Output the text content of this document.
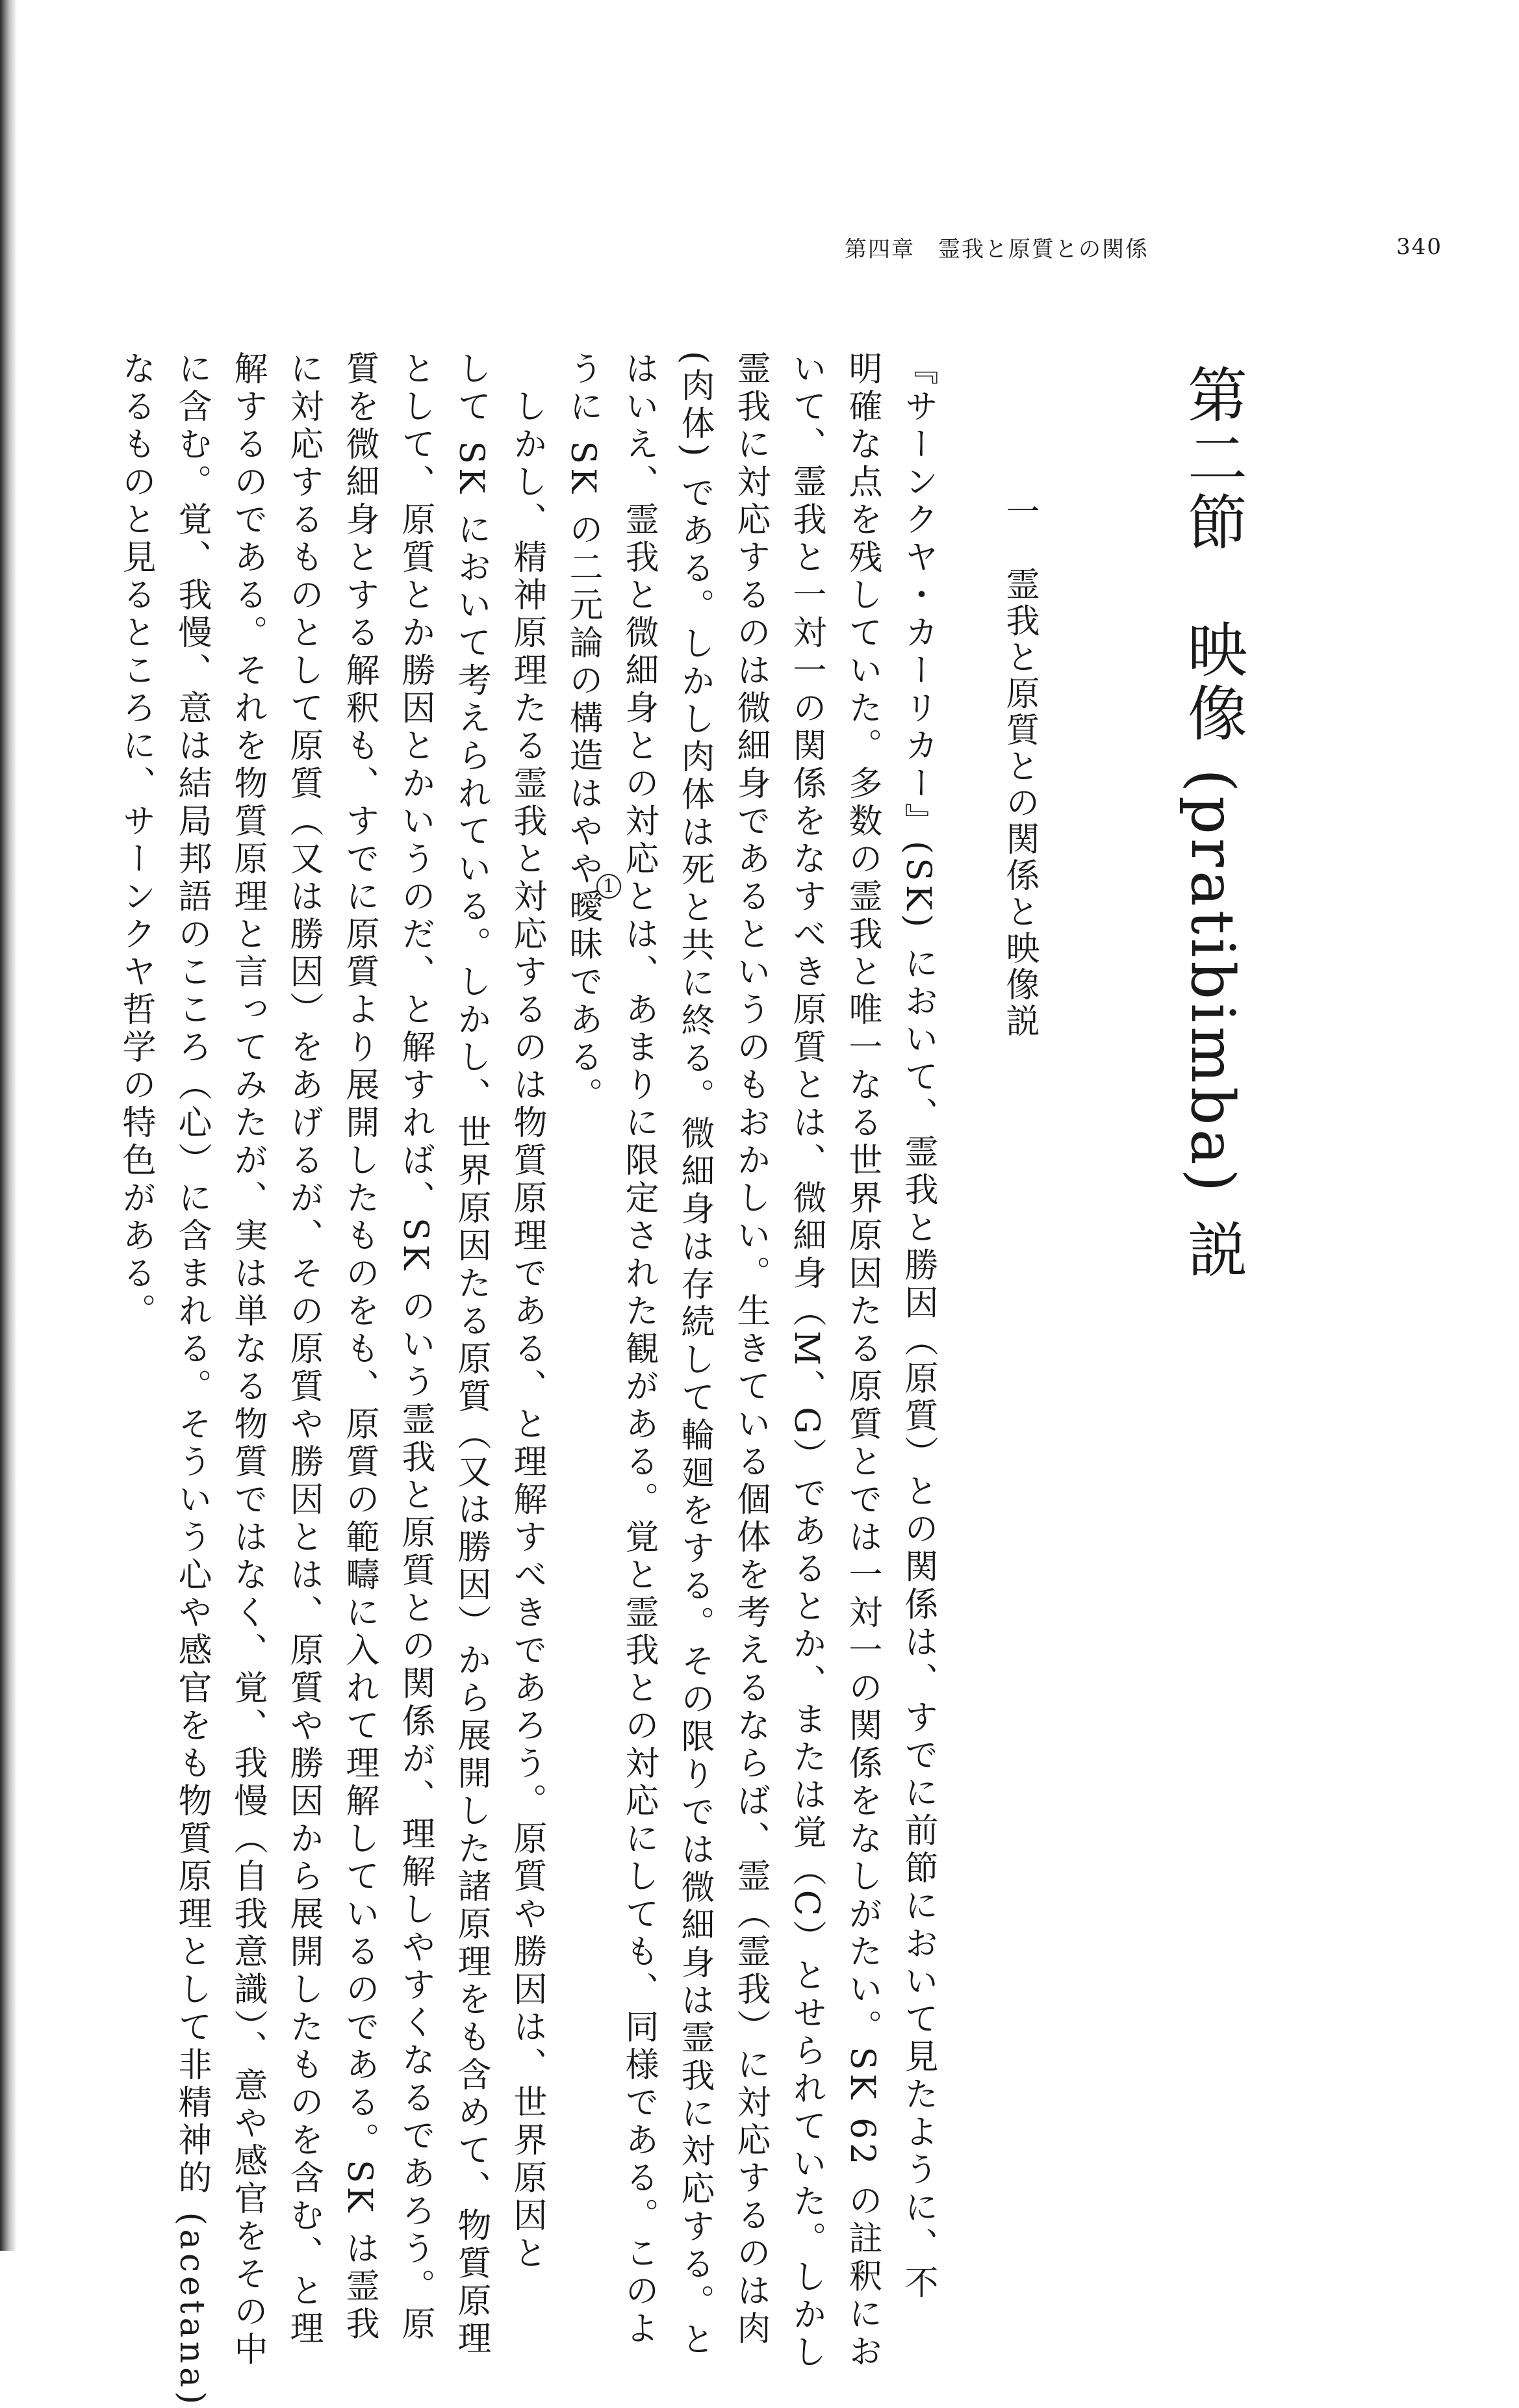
第四章　霊我と原質との関係	340
第二節　映像 (pratibimba) 説
一　霊我と原質との関係と映像説
『サーンクヤ・カーリカー』(SK) において、霊我と勝因（原質）との関係は、すでに前節において見たように、不
明確な点を残していた。多数の霊我と唯一なる世界原因たる原質とでは一対一の関係をなしがたい。SK 62 の註釈にお
いて、霊我と一対一の関係をなすべき原質とは、微細身（M、G）であるとか、または覚（C）とせられていた。しかし
霊我に対応するのは微細身であるというのもおかしい。生きている個体を考えるならば、霊（霊我）に対応するのは肉
(肉体) である。しかし肉体は死と共に終る。微細身は存続して輪廻をする。その限りでは微細身は霊我に対応する。と
はいえ、霊我と微細身との対応とは、あまりに限定された観がある。覚と霊我との対応にしても、同様である。このよ
うに SK の二元論の構造はやや曖昧である。 1
　しかし、精神原理たる霊我と対応するのは物質原理である、と理解すべきであろう。原質や勝因は、世界原因と
して SK において考えられている。しかし、世界原因たる原質（又は勝因）から展開した諸原理をも含めて、物質原理
として、原質とか勝因とかいうのだ、と解すれば、SK のいう霊我と原質との関係が、理解しやすくなるであろう。原
質を微細身とする解釈も、すでに原質より展開したものをも、原質の範疇に入れて理解しているのである。SK は霊我
に対応するものとして原質（又は勝因）をあげるが、その原質や勝因とは、原質や勝因から展開したものを含む、と理
解するのである。それを物質原理と言ってみたが、実は単なる物質ではなく、覚、我慢（自我意識）、意や感官をその中
に含む。覚、我慢、意は結局邦語のこころ（心）に含まれる。そういう心や感官をも物質原理として非精神的 (acetana)
なるものと見るところに、サーンクヤ哲学の特色がある。
